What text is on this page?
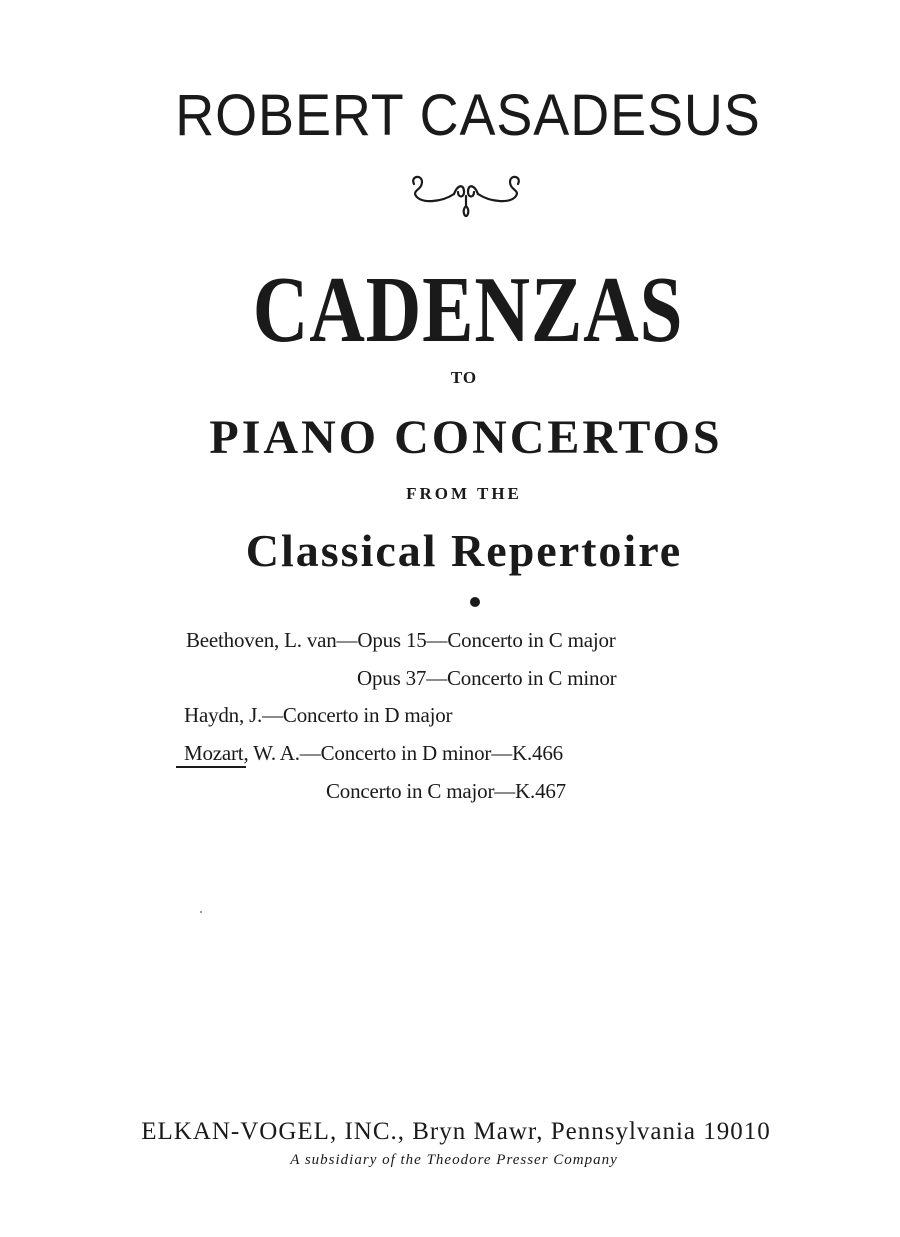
ROBERT CASADESUS
CADENZAS
TO
PIANO CONCERTOS
FROM THE
Classical Repertoire
Beethoven, L. van—Opus 15—Concerto in C major
Opus 37—Concerto in C minor
Haydn, J.—Concerto in D major
Mozart, W. A.—Concerto in D minor—K.466
Concerto in C major—K.467
ELKAN-VOGEL, INC., Bryn Mawr, Pennsylvania 19010
A subsidiary of the Theodore Presser Company
